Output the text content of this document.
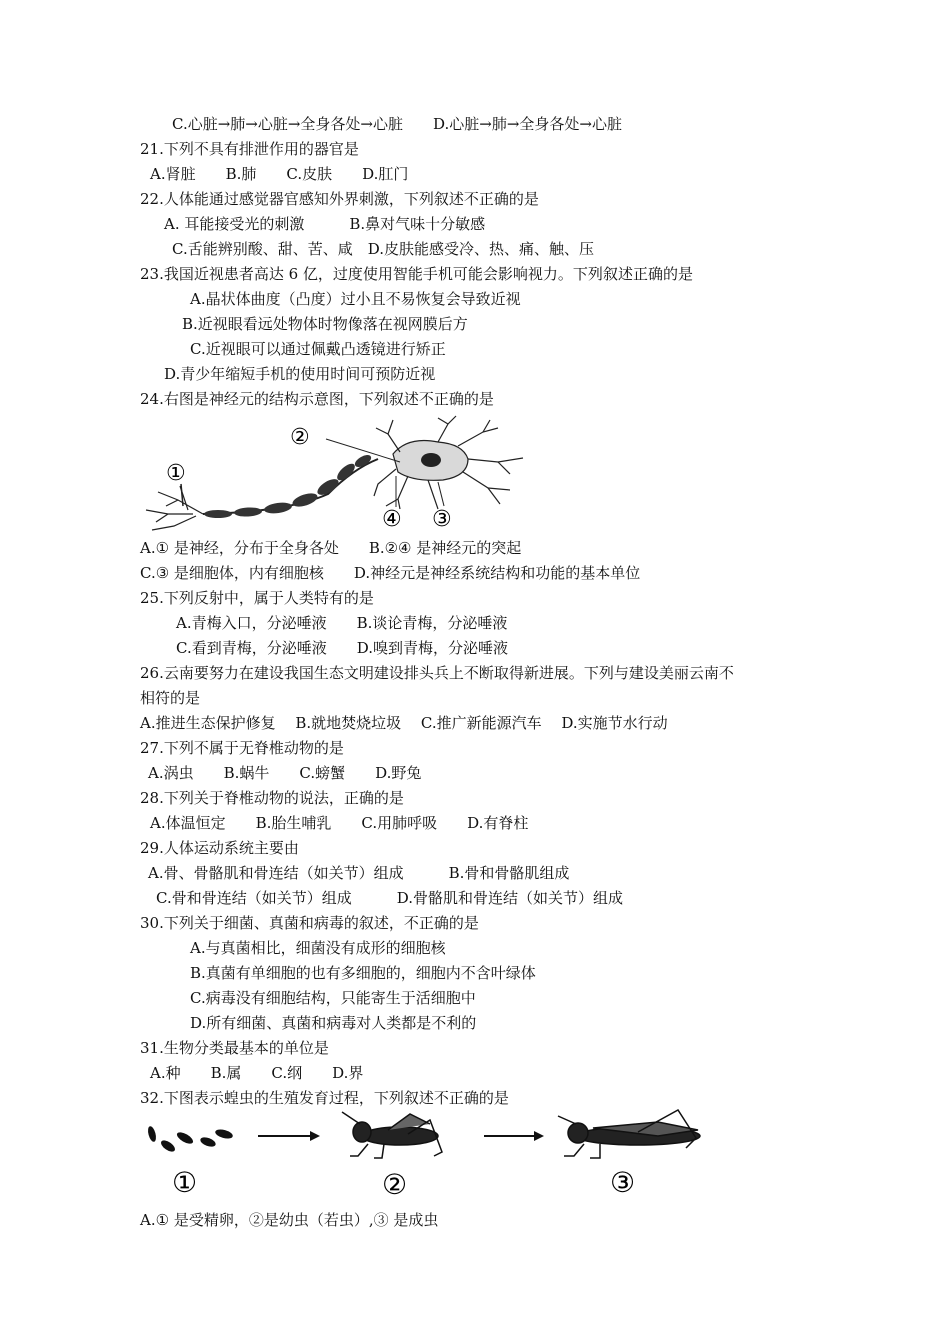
C.心脏→肺→心脏→全身各处→心脏　　D.心脏→肺→全身各处→心脏
21.下列不具有排泄作用的器官是
A.肾脏　　B.肺　　C.皮肤　　D.肛门
22.人体能通过感觉器官感知外界刺激，下列叙述不正确的是
A. 耳能接受光的刺激　　　B.鼻对气味十分敏感
C.舌能辨别酸、甜、苦、咸　D.皮肤能感受冷、热、痛、触、压
23.我国近视患者高达 6 亿，过度使用智能手机可能会影响视力。下列叙述正确的是
A.晶状体曲度（凸度）过小且不易恢复会导致近视
B.近视眼看远处物体时物像落在视网膜后方
C.近视眼可以通过佩戴凸透镜进行矫正
D.青少年缩短手机的使用时间可预防近视
24.右图是神经元的结构示意图，下列叙述不正确的是
②
①
④ ③
A.① 是神经，分布于全身各处　　B.②④ 是神经元的突起
C.③ 是细胞体，内有细胞核　　D.神经元是神经系统结构和功能的基本单位
25.下列反射中，属于人类特有的是
A.青梅入口，分泌唾液　　B.谈论青梅，分泌唾液
C.看到青梅，分泌唾液　　D.嗅到青梅，分泌唾液
26.云南要努力在建设我国生态文明建设排头兵上不断取得新进展。下列与建设美丽云南不
相符的是
A.推进生态保护修复　 B.就地焚烧垃圾　 C.推广新能源汽车　 D.实施节水行动
27.下列不属于无脊椎动物的是
A.涡虫　　B.蜗牛　　C.螃蟹　　D.野兔
28.下列关于脊椎动物的说法，正确的是
A.体温恒定　　B.胎生哺乳　　C.用肺呼吸　　D.有脊柱
29.人体运动系统主要由
A.骨、骨骼肌和骨连结（如关节）组成　　　B.骨和骨骼肌组成
C.骨和骨连结（如关节）组成　　　D.骨骼肌和骨连结（如关节）组成
30.下列关于细菌、真菌和病毒的叙述，不正确的是
A.与真菌相比，细菌没有成形的细胞核
B.真菌有单细胞的也有多细胞的，细胞内不含叶绿体
C.病毒没有细胞结构，只能寄生于活细胞中
D.所有细菌、真菌和病毒对人类都是不利的
31.生物分类最基本的单位是
A.种　　B.属　　C.纲　　D.界
32.下图表示蝗虫的生殖发育过程，下列叙述不正确的是
①	②	③
A.① 是受精卵，②是幼虫（若虫）,③ 是成虫
